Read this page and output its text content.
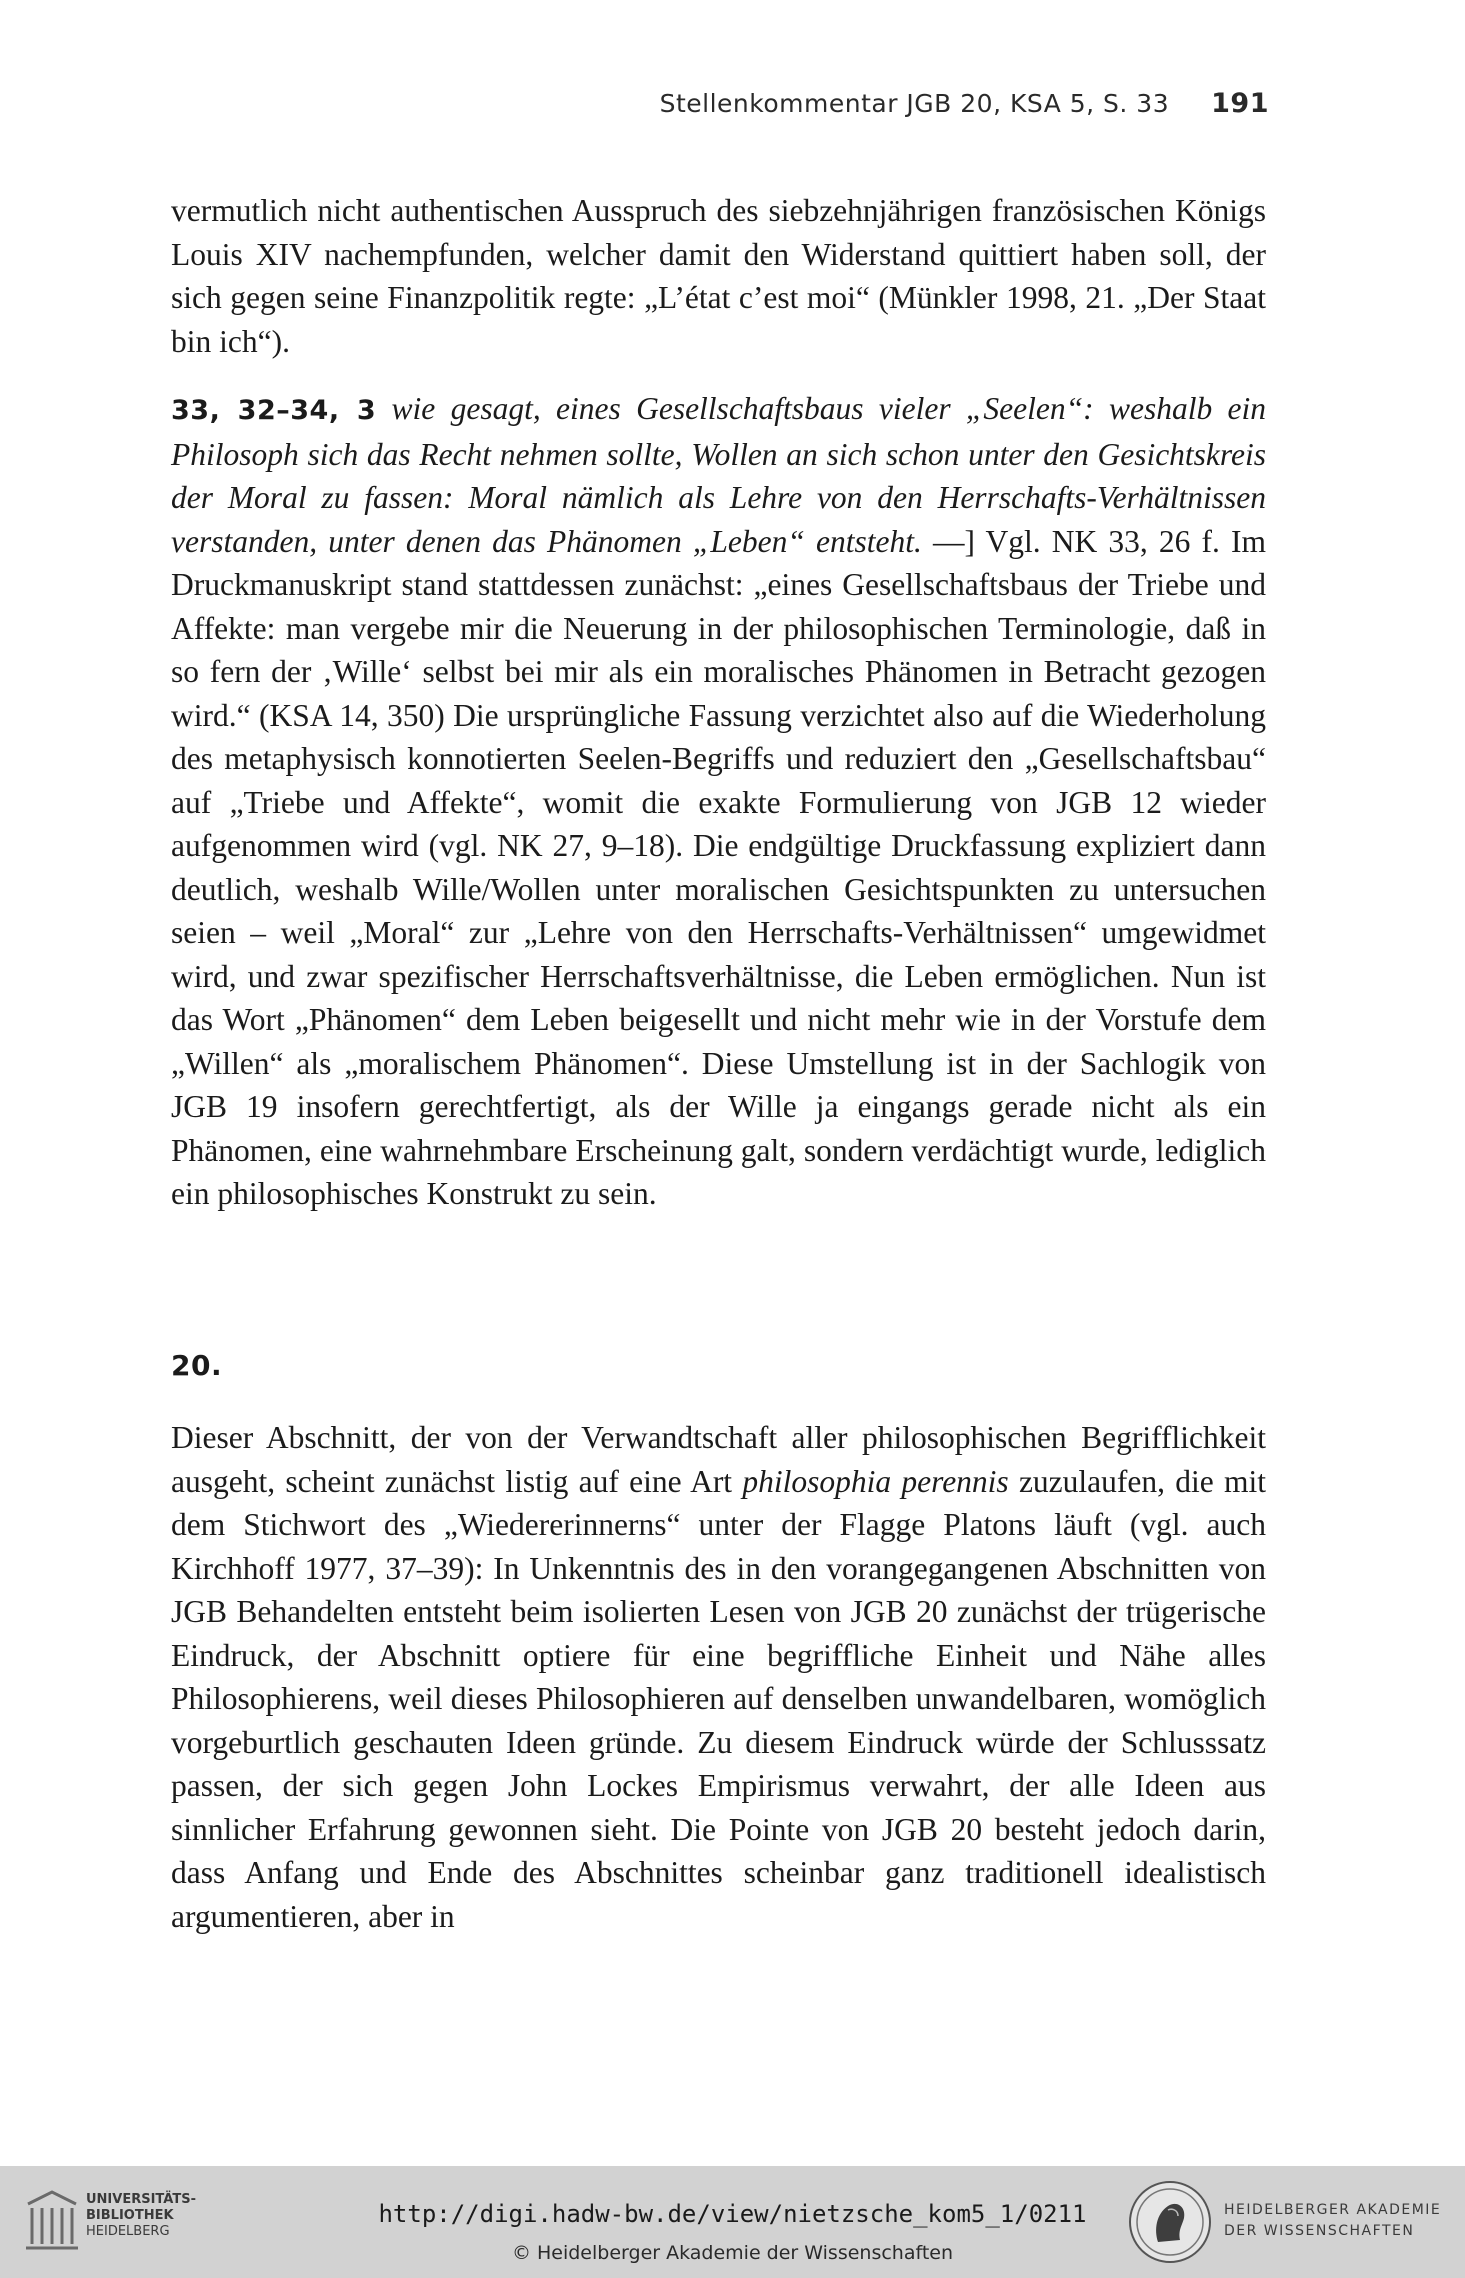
Stellenkommentar JGB 20, KSA 5, S. 33 191

vermutlich nicht authentischen Ausspruch des siebzehnjährigen französischen Königs Louis XIV nachempfunden, welcher damit den Widerstand quittiert haben soll, der sich gegen seine Finanzpolitik regte: „L’état c’est moi“ (Münkler 1998, 21. „Der Staat bin ich“).

33, 32–34, 3 wie gesagt, eines Gesellschaftsbaus vieler „Seelen“: weshalb ein Philosoph sich das Recht nehmen sollte, Wollen an sich schon unter den Gesichtskreis der Moral zu fassen: Moral nämlich als Lehre von den Herrschafts-Verhältnissen verstanden, unter denen das Phänomen „Leben“ entsteht. —] Vgl. NK 33, 26 f. Im Druckmanuskript stand stattdessen zunächst: „eines Gesellschaftsbaus der Triebe und Affekte: man vergebe mir die Neuerung in der philosophischen Terminologie, daß in so fern der ‚Wille‘ selbst bei mir als ein moralisches Phänomen in Betracht gezogen wird.“ (KSA 14, 350) Die ursprüngliche Fassung verzichtet also auf die Wiederholung des metaphysisch konnotierten Seelen-Begriffs und reduziert den „Gesellschaftsbau“ auf „Triebe und Affekte“, womit die exakte Formulierung von JGB 12 wieder aufgenommen wird (vgl. NK 27, 9–18). Die endgültige Druckfassung expliziert dann deutlich, weshalb Wille/Wollen unter moralischen Gesichtspunkten zu untersuchen seien – weil „Moral“ zur „Lehre von den Herrschafts-Verhältnissen“ umgewidmet wird, und zwar spezifischer Herrschaftsverhältnisse, die Leben ermöglichen. Nun ist das Wort „Phänomen“ dem Leben beigesellt und nicht mehr wie in der Vorstufe dem „Willen“ als „moralischem Phänomen“. Diese Umstellung ist in der Sachlogik von JGB 19 insofern gerechtfertigt, als der Wille ja eingangs gerade nicht als ein Phänomen, eine wahrnehmbare Erscheinung galt, sondern verdächtigt wurde, lediglich ein philosophisches Konstrukt zu sein.

20.

Dieser Abschnitt, der von der Verwandtschaft aller philosophischen Begrifflichkeit ausgeht, scheint zunächst listig auf eine Art philosophia perennis zuzulaufen, die mit dem Stichwort des „Wiedererinnerns“ unter der Flagge Platons läuft (vgl. auch Kirchhoff 1977, 37–39): In Unkenntnis des in den vorangegangenen Abschnitten von JGB Behandelten entsteht beim isolierten Lesen von JGB 20 zunächst der trügerische Eindruck, der Abschnitt optiere für eine begriffliche Einheit und Nähe alles Philosophierens, weil dieses Philosophieren auf denselben unwandelbaren, womöglich vorgeburtlich geschauten Ideen gründe. Zu diesem Eindruck würde der Schlusssatz passen, der sich gegen John Lockes Empirismus verwahrt, der alle Ideen aus sinnlicher Erfahrung gewonnen sieht. Die Pointe von JGB 20 besteht jedoch darin, dass Anfang und Ende des Abschnittes scheinbar ganz traditionell idealistisch argumentieren, aber in

UNIVERSITÄTS-
BIBLIOTHEK
HEIDELBERG
http://digi.hadw-bw.de/view/nietzsche_kom5_1/0211
© Heidelberger Akademie der Wissenschaften
HEIDELBERGER AKADEMIE
DER WISSENSCHAFTEN
